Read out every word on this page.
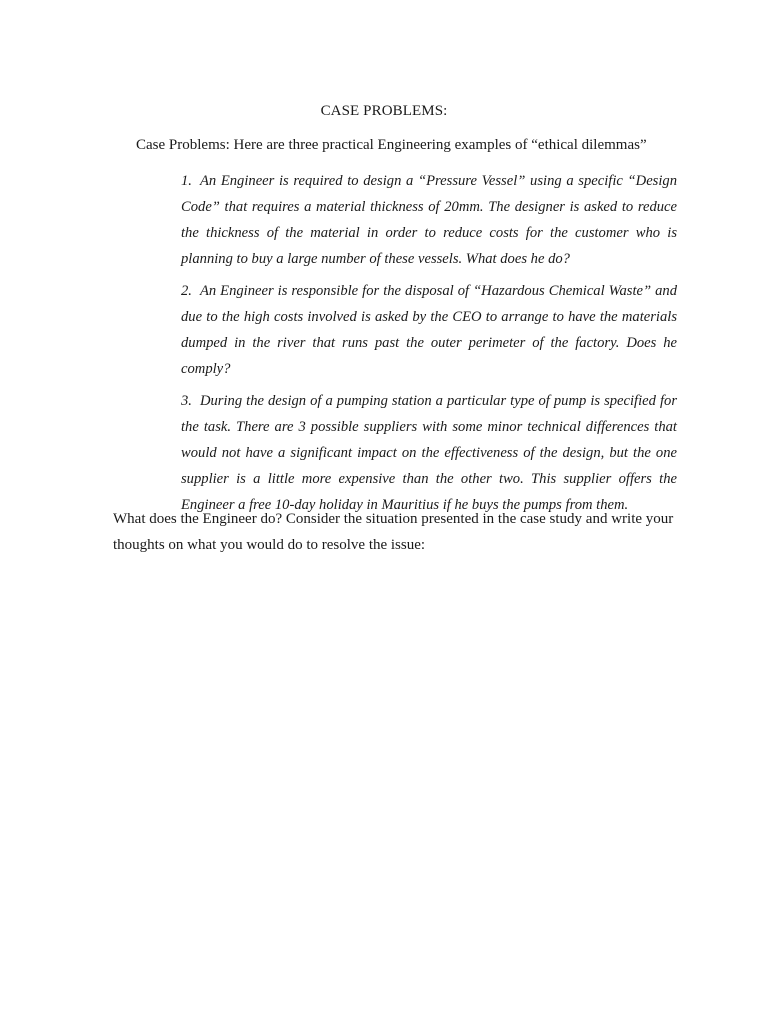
CASE PROBLEMS:
Case Problems: Here are three practical Engineering examples of “ethical dilemmas”
1. An Engineer is required to design a “Pressure Vessel” using a specific “Design Code” that requires a material thickness of 20mm. The designer is asked to reduce the thickness of the material in order to reduce costs for the customer who is planning to buy a large number of these vessels. What does he do?
2. An Engineer is responsible for the disposal of “Hazardous Chemical Waste” and due to the high costs involved is asked by the CEO to arrange to have the materials dumped in the river that runs past the outer perimeter of the factory. Does he comply?
3. During the design of a pumping station a particular type of pump is specified for the task. There are 3 possible suppliers with some minor technical differences that would not have a significant impact on the effectiveness of the design, but the one supplier is a little more expensive than the other two. This supplier offers the Engineer a free 10-day holiday in Mauritius if he buys the pumps from them.

What does the Engineer do? Consider the situation presented in the case study and write your thoughts on what you would do to resolve the issue:
